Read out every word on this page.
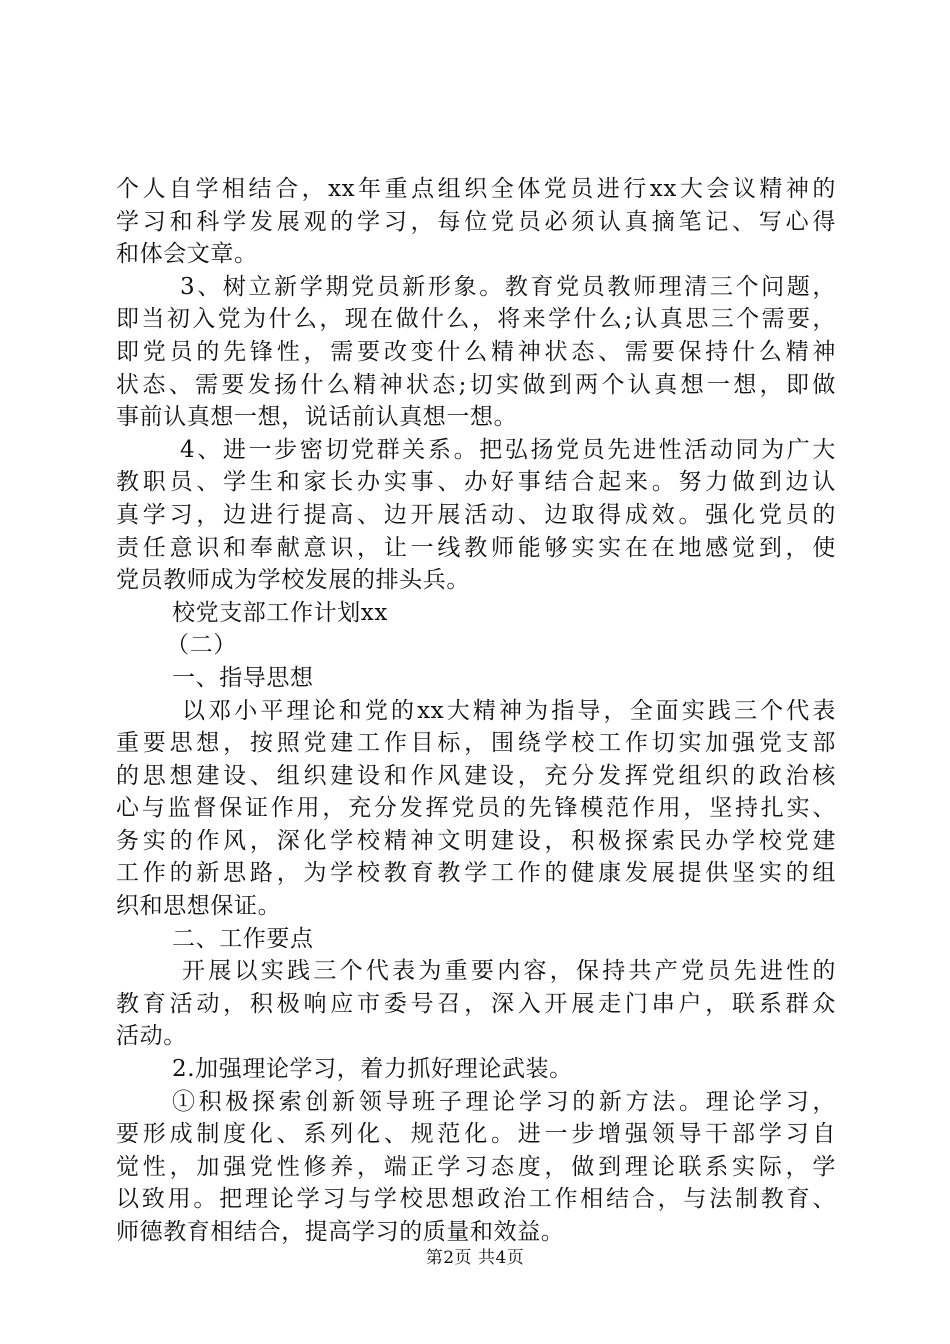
个人自学相结合，xx年重点组织全体党员进行xx大会议精神的
学习和科学发展观的学习，每位党员必须认真摘笔记、写心得
和体会文章。
3、树立新学期党员新形象。教育党员教师理清三个问题，
即当初入党为什么，现在做什么，将来学什么;认真思三个需要，
即党员的先锋性，需要改变什么精神状态、需要保持什么精神
状态、需要发扬什么精神状态;切实做到两个认真想一想，即做
事前认真想一想，说话前认真想一想。
4、进一步密切党群关系。把弘扬党员先进性活动同为广大
教职员、学生和家长办实事、办好事结合起来。努力做到边认
真学习，边进行提高、边开展活动、边取得成效。强化党员的
责任意识和奉献意识，让一线教师能够实实在在地感觉到，使
党员教师成为学校发展的排头兵。
校党支部工作计划xx
（二）
一、指导思想
以邓小平理论和党的xx大精神为指导，全面实践三个代表
重要思想，按照党建工作目标，围绕学校工作切实加强党支部
的思想建设、组织建设和作风建设，充分发挥党组织的政治核
心与监督保证作用，充分发挥党员的先锋模范作用，坚持扎实、
务实的作风，深化学校精神文明建设，积极探索民办学校党建
工作的新思路，为学校教育教学工作的健康发展提供坚实的组
织和思想保证。
二、工作要点
开展以实践三个代表为重要内容，保持共产党员先进性的
教育活动，积极响应市委号召，深入开展走门串户，联系群众
活动。
2.加强理论学习，着力抓好理论武装。
①积极探索创新领导班子理论学习的新方法。理论学习，
要形成制度化、系列化、规范化。进一步增强领导干部学习自
觉性，加强党性修养，端正学习态度，做到理论联系实际，学
以致用。把理论学习与学校思想政治工作相结合，与法制教育、
师德教育相结合，提高学习的质量和效益。
第2页 共4页
